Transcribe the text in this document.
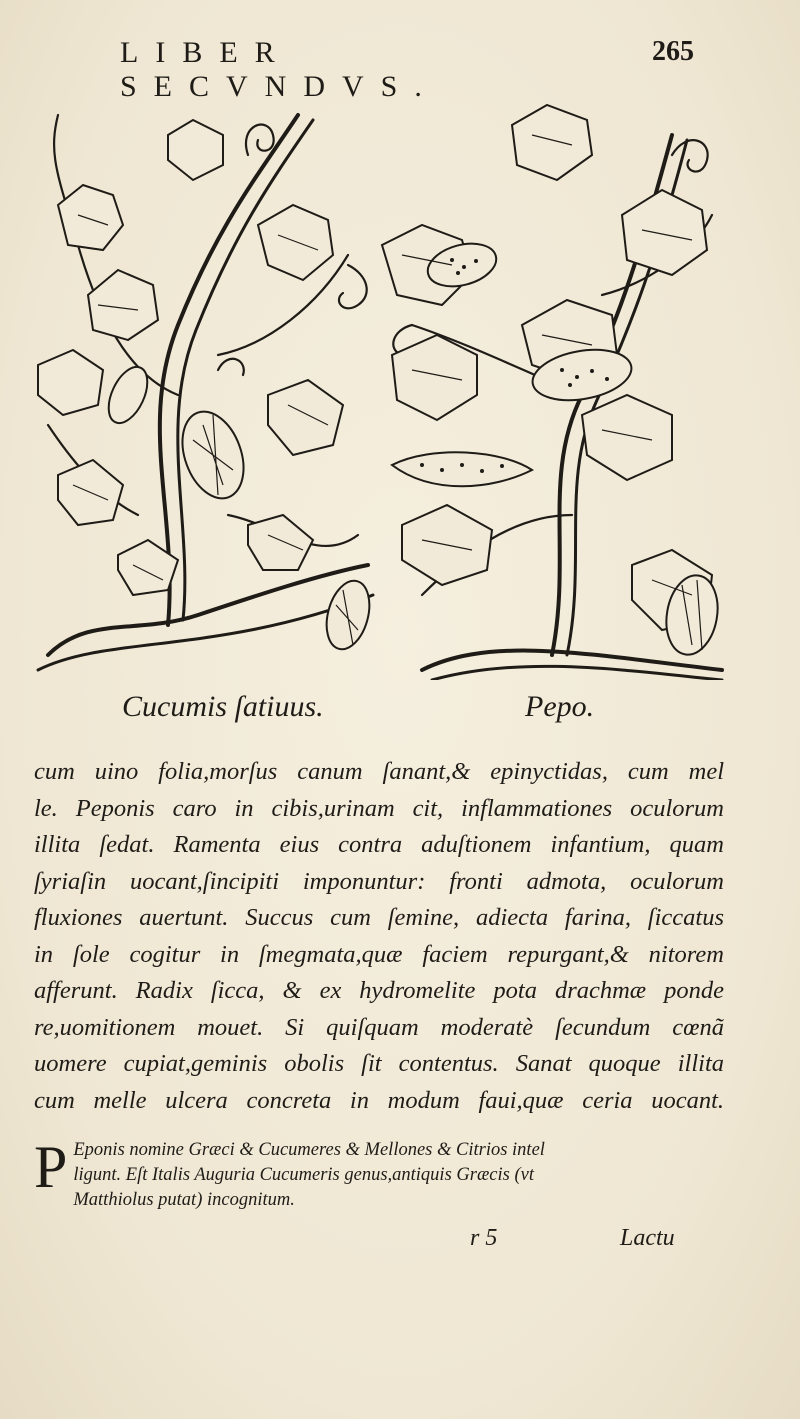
LIBER SECVNDVS.
265
Cucumis ſatiuus.	Pepo.
cum uino folia,morſus canum ſanant,& epinyctidas, cum mel
le. Peponis caro in cibis,urinam cit, inflammationes oculorum
illita ſedat. Ramenta eius contra aduſtionem infantium, quam
ſyriaſin uocant,ſincipiti imponuntur: fronti admota, oculorum
fluxiones auertunt. Succus cum ſemine, adiecta farina, ſiccatus
in ſole cogitur in ſmegmata,quæ faciem repurgant,& nitorem
afferunt. Radix ſicca, & ex hydromelite pota drachmæ ponde
re,uomitionem mouet. Si quiſquam moderatè ſecundum cœnã
uomere cupiat,geminis obolis ſit contentus. Sanat quoque illita
cum melle ulcera concreta in modum faui,quæ ceria uocant.
P Eponis nomine Græci & Cucumeres & Mellones & Citrios intel
ligunt. Eſt Italis Auguria Cucumeris genus,antiquis Græcis (vt
Matthiolus putat) incognitum.
r 5	Lactu
